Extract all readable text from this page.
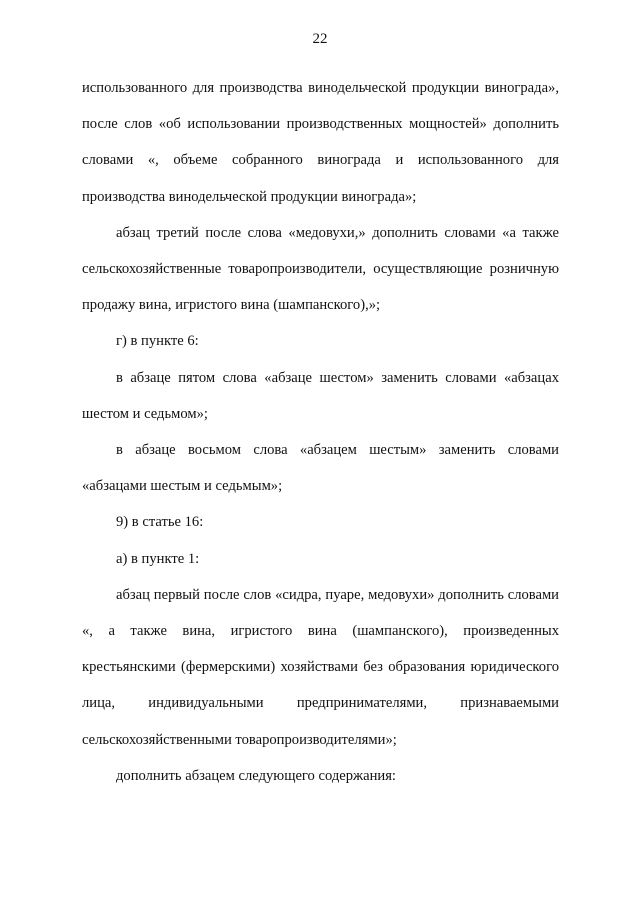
22

использованного для производства винодельческой продукции винограда», после слов «об использовании производственных мощностей» дополнить словами «, объеме собранного винограда и использованного для производства винодельческой продукции винограда»;

абзац третий после слова «медовухи,» дополнить словами «а также сельскохозяйственные товаропроизводители, осуществляющие розничную продажу вина, игристого вина (шампанского),»;

г) в пункте 6:

в абзаце пятом слова «абзаце шестом» заменить словами «абзацах шестом и седьмом»;

в абзаце восьмом слова «абзацем шестым» заменить словами «абзацами шестым и седьмым»;

9) в статье 16:

а) в пункте 1:

абзац первый после слов «сидра, пуаре, медовухи» дополнить словами «, а также вина, игристого вина (шампанского), произведенных крестьянскими (фермерскими) хозяйствами без образования юридического лица, индивидуальными предпринимателями, признаваемыми сельскохозяйственными товаропроизводителями»;

дополнить абзацем следующего содержания:
